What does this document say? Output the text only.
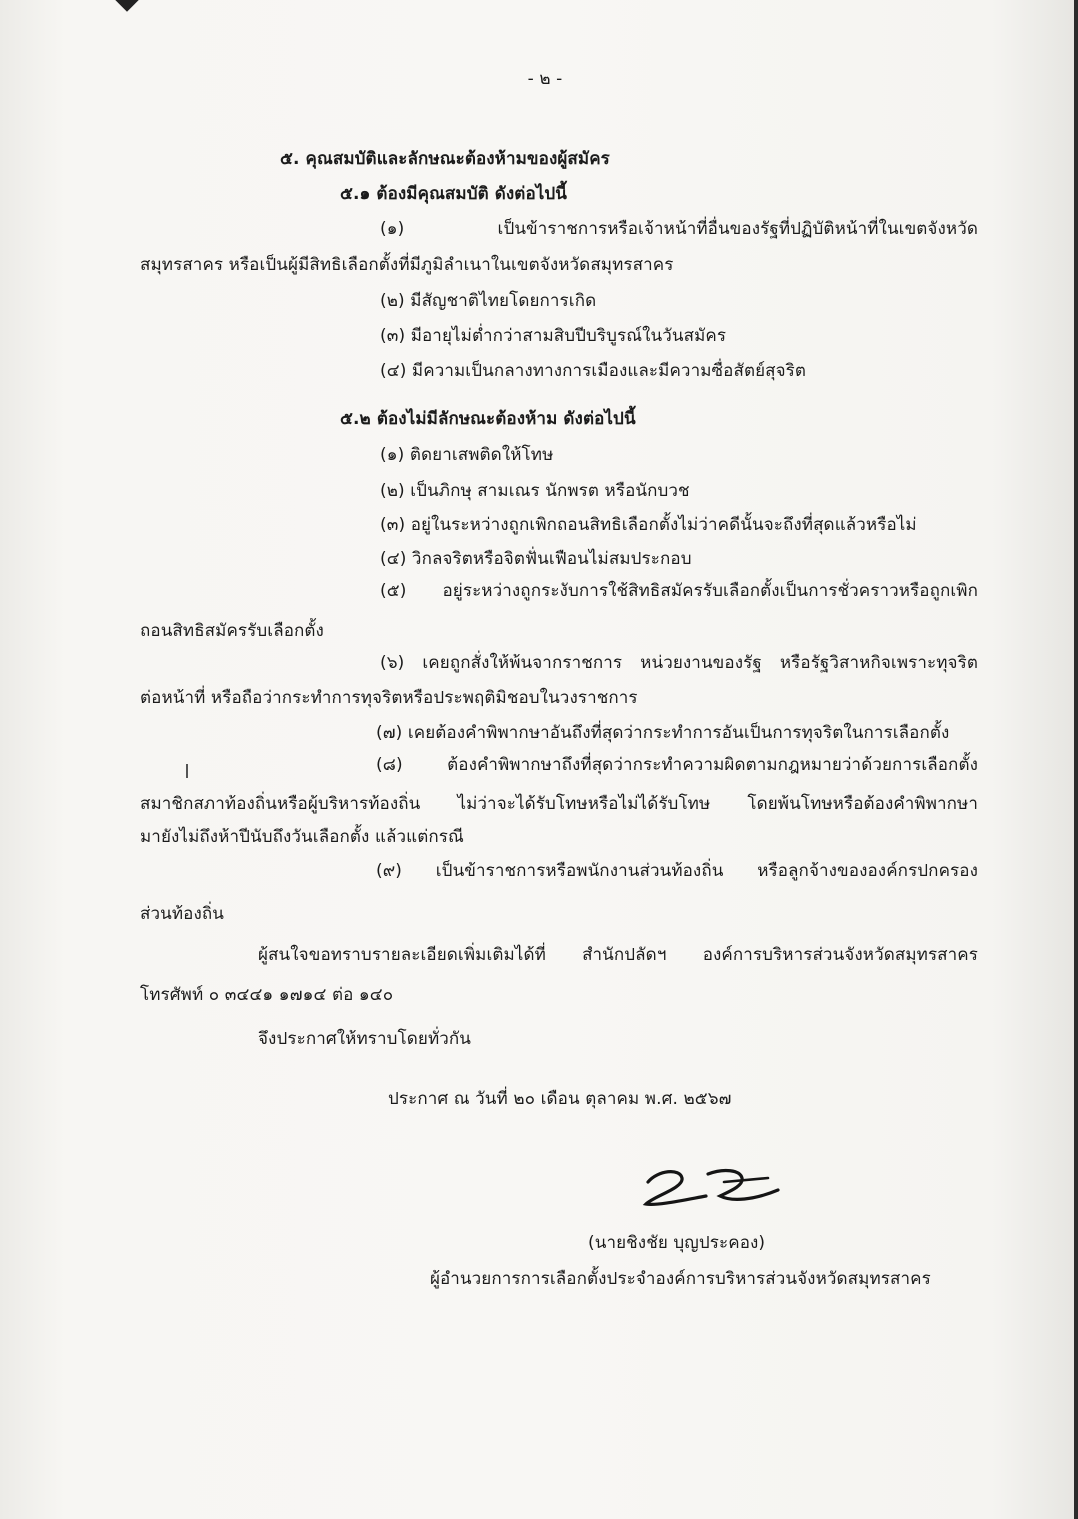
- ๒ -
๕. คุณสมบัติและลักษณะต้องห้ามของผู้สมัคร
๕.๑ ต้องมีคุณสมบัติ ดังต่อไปนี้
(๑) เป็นข้าราชการหรือเจ้าหน้าที่อื่นของรัฐที่ปฏิบัติหน้าที่ในเขตจังหวัด
สมุทรสาคร หรือเป็นผู้มีสิทธิเลือกตั้งที่มีภูมิลำเนาในเขตจังหวัดสมุทรสาคร
(๒) มีสัญชาติไทยโดยการเกิด
(๓) มีอายุไม่ต่ำกว่าสามสิบปีบริบูรณ์ในวันสมัคร
(๔) มีความเป็นกลางทางการเมืองและมีความซื่อสัตย์สุจริต
๕.๒ ต้องไม่มีลักษณะต้องห้าม ดังต่อไปนี้
(๑) ติดยาเสพติดให้โทษ
(๒) เป็นภิกษุ สามเณร นักพรต หรือนักบวช
(๓) อยู่ในระหว่างถูกเพิกถอนสิทธิเลือกตั้งไม่ว่าคดีนั้นจะถึงที่สุดแล้วหรือไม่
(๔) วิกลจริตหรือจิตฟั่นเฟือนไม่สมประกอบ
(๕) อยู่ระหว่างถูกระงับการใช้สิทธิสมัครรับเลือกตั้งเป็นการชั่วคราวหรือถูกเพิก
ถอนสิทธิสมัครรับเลือกตั้ง
(๖) เคยถูกสั่งให้พ้นจากราชการ หน่วยงานของรัฐ หรือรัฐวิสาหกิจเพราะทุจริต
ต่อหน้าที่ หรือถือว่ากระทำการทุจริตหรือประพฤติมิชอบในวงราชการ
(๗) เคยต้องคำพิพากษาอันถึงที่สุดว่ากระทำการอันเป็นการทุจริตในการเลือกตั้ง
(๘) ต้องคำพิพากษาถึงที่สุดว่ากระทำความผิดตามกฎหมายว่าด้วยการเลือกตั้ง
สมาชิกสภาท้องถิ่นหรือผู้บริหารท้องถิ่น ไม่ว่าจะได้รับโทษหรือไม่ได้รับโทษ โดยพ้นโทษหรือต้องคำพิพากษา
มายังไม่ถึงห้าปีนับถึงวันเลือกตั้ง แล้วแต่กรณี
(๙) เป็นข้าราชการหรือพนักงานส่วนท้องถิ่น หรือลูกจ้างขององค์กรปกครอง
ส่วนท้องถิ่น
ผู้สนใจขอทราบรายละเอียดเพิ่มเติมได้ที่ สำนักปลัดฯ องค์การบริหารส่วนจังหวัดสมุทรสาคร
โทรศัพท์ ๐ ๓๔๔๑ ๑๗๑๔ ต่อ ๑๔๐
จึงประกาศให้ทราบโดยทั่วกัน
ประกาศ ณ วันที่ ๒๐ เดือน ตุลาคม พ.ศ. ๒๕๖๗
(นายชิงชัย บุญประคอง)
ผู้อำนวยการการเลือกตั้งประจำองค์การบริหารส่วนจังหวัดสมุทรสาคร
